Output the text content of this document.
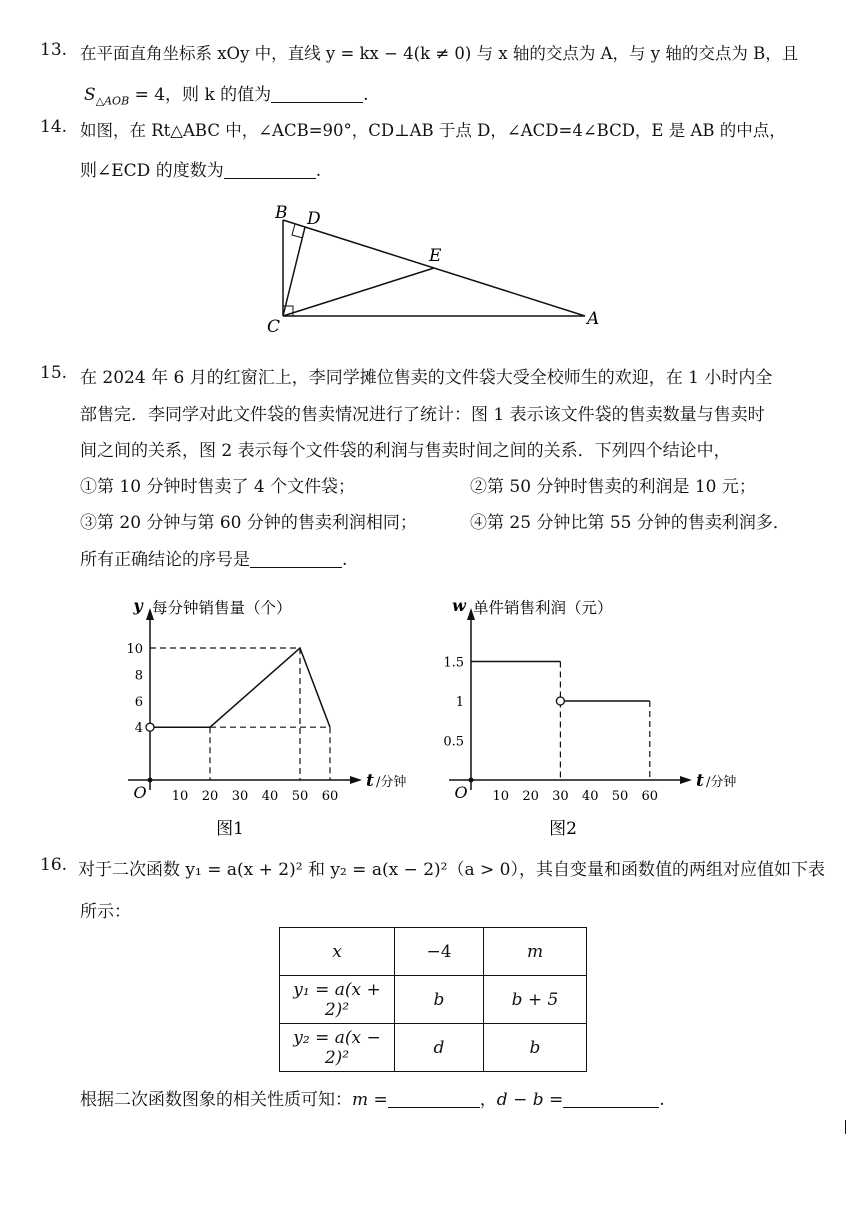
13. 在平面直角坐标系 xOy 中，直线 y = kx − 4(k ≠ 0) 与 x 轴的交点为 A，与 y 轴的交点为 B，且
$S_{\triangle AOB} = 4$，则 k 的值为	.
14. 如图，在 Rt△ABC 中，∠ACB=90°，CD⊥AB 于点 D，∠ACD=4∠BCD，E 是 AB 的中点，
则∠ECD 的度数为	.
B D
E
C	A
15. 在 2024 年 6 月的红窗汇上，李同学摊位售卖的文件袋大受全校师生的欢迎，在 1 小时内全
部售完．李同学对此文件袋的售卖情况进行了统计：图 1 表示该文件袋的售卖数量与售卖时
间之间的关系，图 2 表示每个文件袋的利润与售卖时间之间的关系．下列四个结论中，
①第 10 分钟时售卖了 4 个文件袋；	②第 50 分钟时售卖的利润是 10 元；
③第 20 分钟与第 60 分钟的售卖利润相同；	④第 25 分钟比第 55 分钟的售卖利润多．
所有正确结论的序号是	.
y 每分钟销售量（个）
t /分钟
O 10 20 30 40 50 60
4
6
8
10
图1
w 单件销售利润（元）
t /分钟
O 10 20 30 40 50 60
0.5
1
1.5
图2
16. 对于二次函数 y₁ = a(x + 2)² 和 y₂ = a(x − 2)²（a > 0），其自变量和函数值的两组对应值如下表
所示：
x	−4	m
y₁ = a(x + 2)²	b	b + 5
y₂ = a(x − 2)²	d	b
根据二次函数图象的相关性质可知：m =	，d − b =	.
